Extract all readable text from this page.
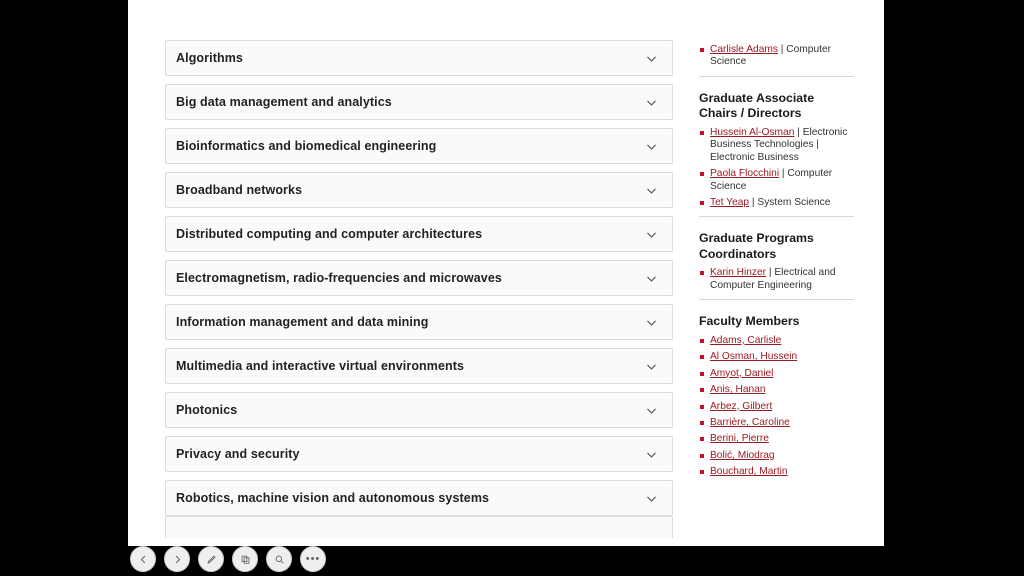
Algorithms
Big data management and analytics
Bioinformatics and biomedical engineering
Broadband networks
Distributed computing and computer architectures
Electromagnetism, radio-frequencies and microwaves
Information management and data mining
Multimedia and interactive virtual environments
Photonics
Privacy and security
Robotics, machine vision and autonomous systems
Carlisle Adams | Computer Science
Graduate Associate Chairs / Directors
Hussein Al-Osman | Electronic Business Technologies | Electronic Business
Paola Flocchini | Computer Science
Tet Yeap | System Science
Graduate Programs Coordinators
Karin Hinzer | Electrical and Computer Engineering
Faculty Members
Adams, Carlisle
Al Osman, Hussein
Amyot, Daniel
Anis, Hanan
Arbez, Gilbert
Barrière, Caroline
Berini, Pierre
Bolić, Miodrag
Bouchard, Martin
•••
